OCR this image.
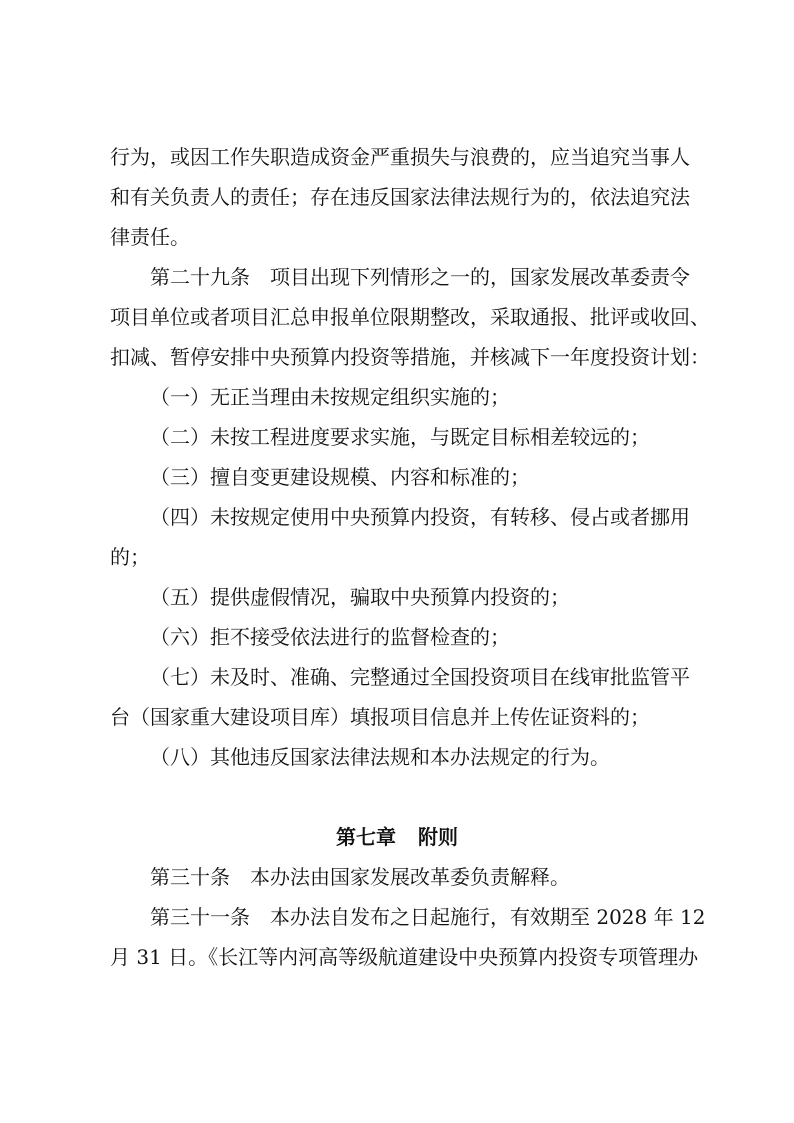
行为，或因工作失职造成资金严重损失与浪费的，应当追究当事人
和有关负责人的责任；存在违反国家法律法规行为的，依法追究法
律责任。
第二十九条　项目出现下列情形之一的，国家发展改革委责令
项目单位或者项目汇总申报单位限期整改，采取通报、批评或收回、
扣减、暂停安排中央预算内投资等措施，并核减下一年度投资计划：
（一）无正当理由未按规定组织实施的；
（二）未按工程进度要求实施，与既定目标相差较远的；
（三）擅自变更建设规模、内容和标准的；
（四）未按规定使用中央预算内投资，有转移、侵占或者挪用
的；
（五）提供虚假情况，骗取中央预算内投资的；
（六）拒不接受依法进行的监督检查的；
（七）未及时、准确、完整通过全国投资项目在线审批监管平
台（国家重大建设项目库）填报项目信息并上传佐证资料的；
（八）其他违反国家法律法规和本办法规定的行为。
第七章 附则
第三十条　本办法由国家发展改革委负责解释。
第三十一条　本办法自发布之日起施行，有效期至 2028 年 12
月 31 日。《长江等内河高等级航道建设中央预算内投资专项管理办
